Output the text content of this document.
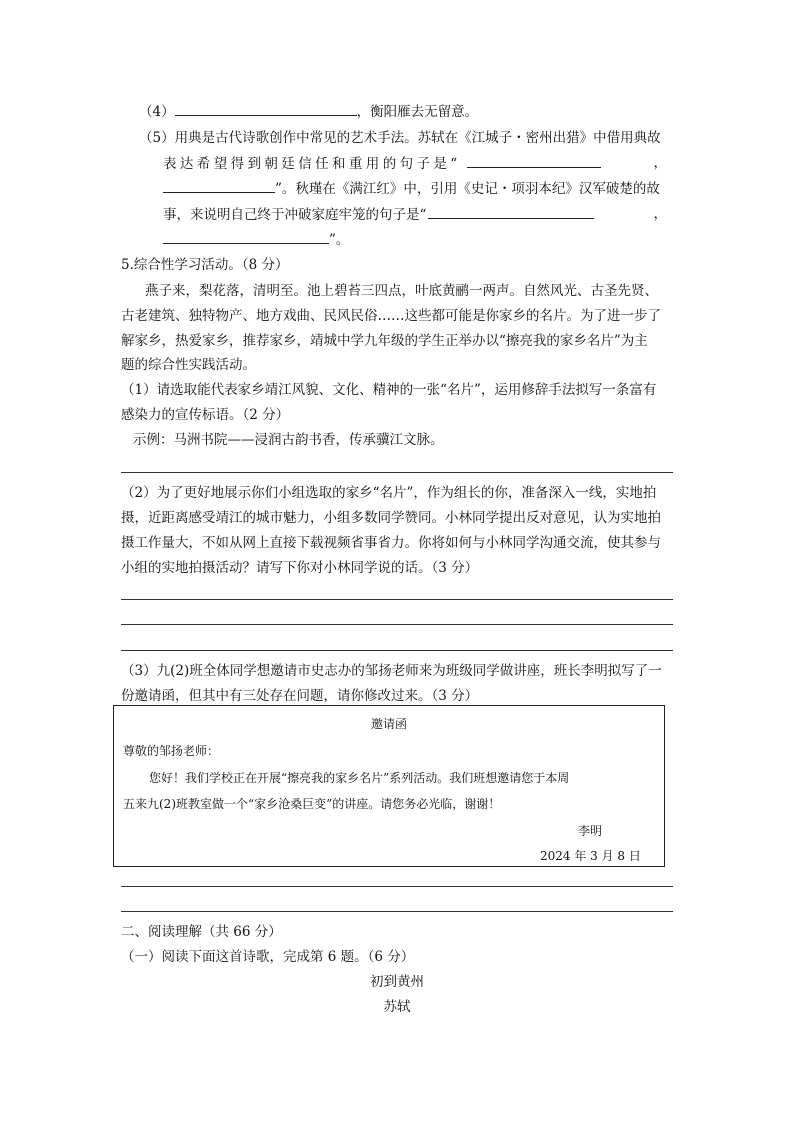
（4）	，衡阳雁去无留意。
（5）用典是古代诗歌创作中常见的艺术手法。苏轼在《江城子・密州出猎》中借用典故
表达希望得到朝廷信任和重用的句子是“	，
”。秋瑾在《满江红》中，引用《史记・项羽本纪》汉军破楚的故
事，来说明自己终于冲破家庭牢笼的句子是“	，
”。
5.综合性学习活动。（8 分）
燕子来，梨花落，清明至。池上碧苔三四点，叶底黄鹂一两声。自然风光、古圣先贤、
古老建筑、独特物产、地方戏曲、民风民俗……这些都可能是你家乡的名片。为了进一步了
解家乡，热爱家乡，推荐家乡，靖城中学九年级的学生正举办以“擦亮我的家乡名片”为主
题的综合性实践活动。
（1）请选取能代表家乡靖江风貌、文化、精神的一张“名片”，运用修辞手法拟写一条富有
感染力的宣传标语。（2 分）
示例：马洲书院——浸润古韵书香，传承骥江文脉。
（2）为了更好地展示你们小组选取的家乡“名片”，作为组长的你，准备深入一线，实地拍
摄，近距离感受靖江的城市魅力，小组多数同学赞同。小林同学提出反对意见，认为实地拍
摄工作量大，不如从网上直接下载视频省事省力。你将如何与小林同学沟通交流，使其参与
小组的实地拍摄活动？请写下你对小林同学说的话。（3 分）
（3）九(2)班全体同学想邀请市史志办的邹扬老师来为班级同学做讲座，班长李明拟写了一
份邀请函，但其中有三处存在问题，请你修改过来。（3 分）
邀请函
尊敬的邹扬老师：
您好！我们学校正在开展“擦亮我的家乡名片”系列活动。我们班想邀请您于本周
五来九(2)班教室做一个“家乡沧桑巨变”的讲座。请您务必光临，谢谢！
李明
2024 年 3 月 8 日
二、阅读理解（共 66 分）
（一）阅读下面这首诗歌，完成第 6 题。（6 分）
初到黄州
苏轼
